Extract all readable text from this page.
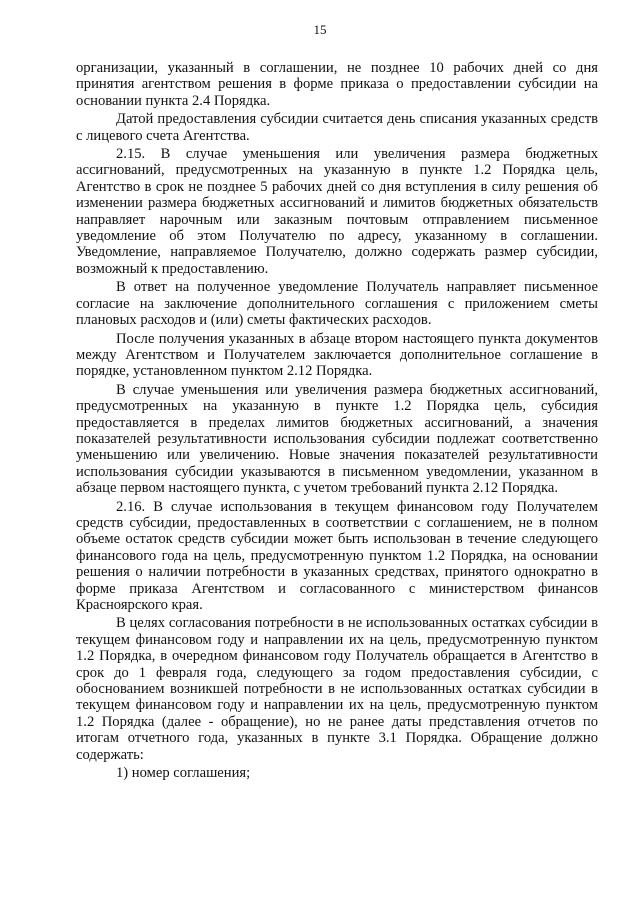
15

организации, указанный в соглашении, не позднее 10 рабочих дней со дня принятия агентством решения в форме приказа о предоставлении субсидии на основании пункта 2.4 Порядка.

Датой предоставления субсидии считается день списания указанных средств с лицевого счета Агентства.

2.15. В случае уменьшения или увеличения размера бюджетных ассигнований, предусмотренных на указанную в пункте 1.2 Порядка цель, Агентство в срок не позднее 5 рабочих дней со дня вступления в силу решения об изменении размера бюджетных ассигнований и лимитов бюджетных обязательств направляет нарочным или заказным почтовым отправлением письменное уведомление об этом Получателю по адресу, указанному в соглашении. Уведомление, направляемое Получателю, должно содержать размер субсидии, возможный к предоставлению.

В ответ на полученное уведомление Получатель направляет письменное согласие на заключение дополнительного соглашения с приложением сметы плановых расходов и (или) сметы фактических расходов.

После получения указанных в абзаце втором настоящего пункта документов между Агентством и Получателем заключается дополнительное соглашение в порядке, установленном пунктом 2.12 Порядка.

В случае уменьшения или увеличения размера бюджетных ассигнований, предусмотренных на указанную в пункте 1.2 Порядка цель, субсидия предоставляется в пределах лимитов бюджетных ассигнований, а значения показателей результативности использования субсидии подлежат соответственно уменьшению или увеличению. Новые значения показателей результативности использования субсидии указываются в письменном уведомлении, указанном в абзаце первом настоящего пункта, с учетом требований пункта 2.12 Порядка.

2.16. В случае использования в текущем финансовом году Получателем средств субсидии, предоставленных в соответствии с соглашением, не в полном объеме остаток средств субсидии может быть использован в течение следующего финансового года на цель, предусмотренную пунктом 1.2 Порядка, на основании решения о наличии потребности в указанных средствах, принятого однократно в форме приказа Агентством и согласованного с министерством финансов Красноярского края.

В целях согласования потребности в не использованных остатках субсидии в текущем финансовом году и направлении их на цель, предусмотренную пунктом 1.2 Порядка, в очередном финансовом году Получатель обращается в Агентство в срок до 1 февраля года, следующего за годом предоставления субсидии, с обоснованием возникшей потребности в не использованных остатках субсидии в текущем финансовом году и направлении их на цель, предусмотренную пунктом 1.2 Порядка (далее - обращение), но не ранее даты представления отчетов по итогам отчетного года, указанных в пункте 3.1 Порядка. Обращение должно содержать:

1) номер соглашения;
